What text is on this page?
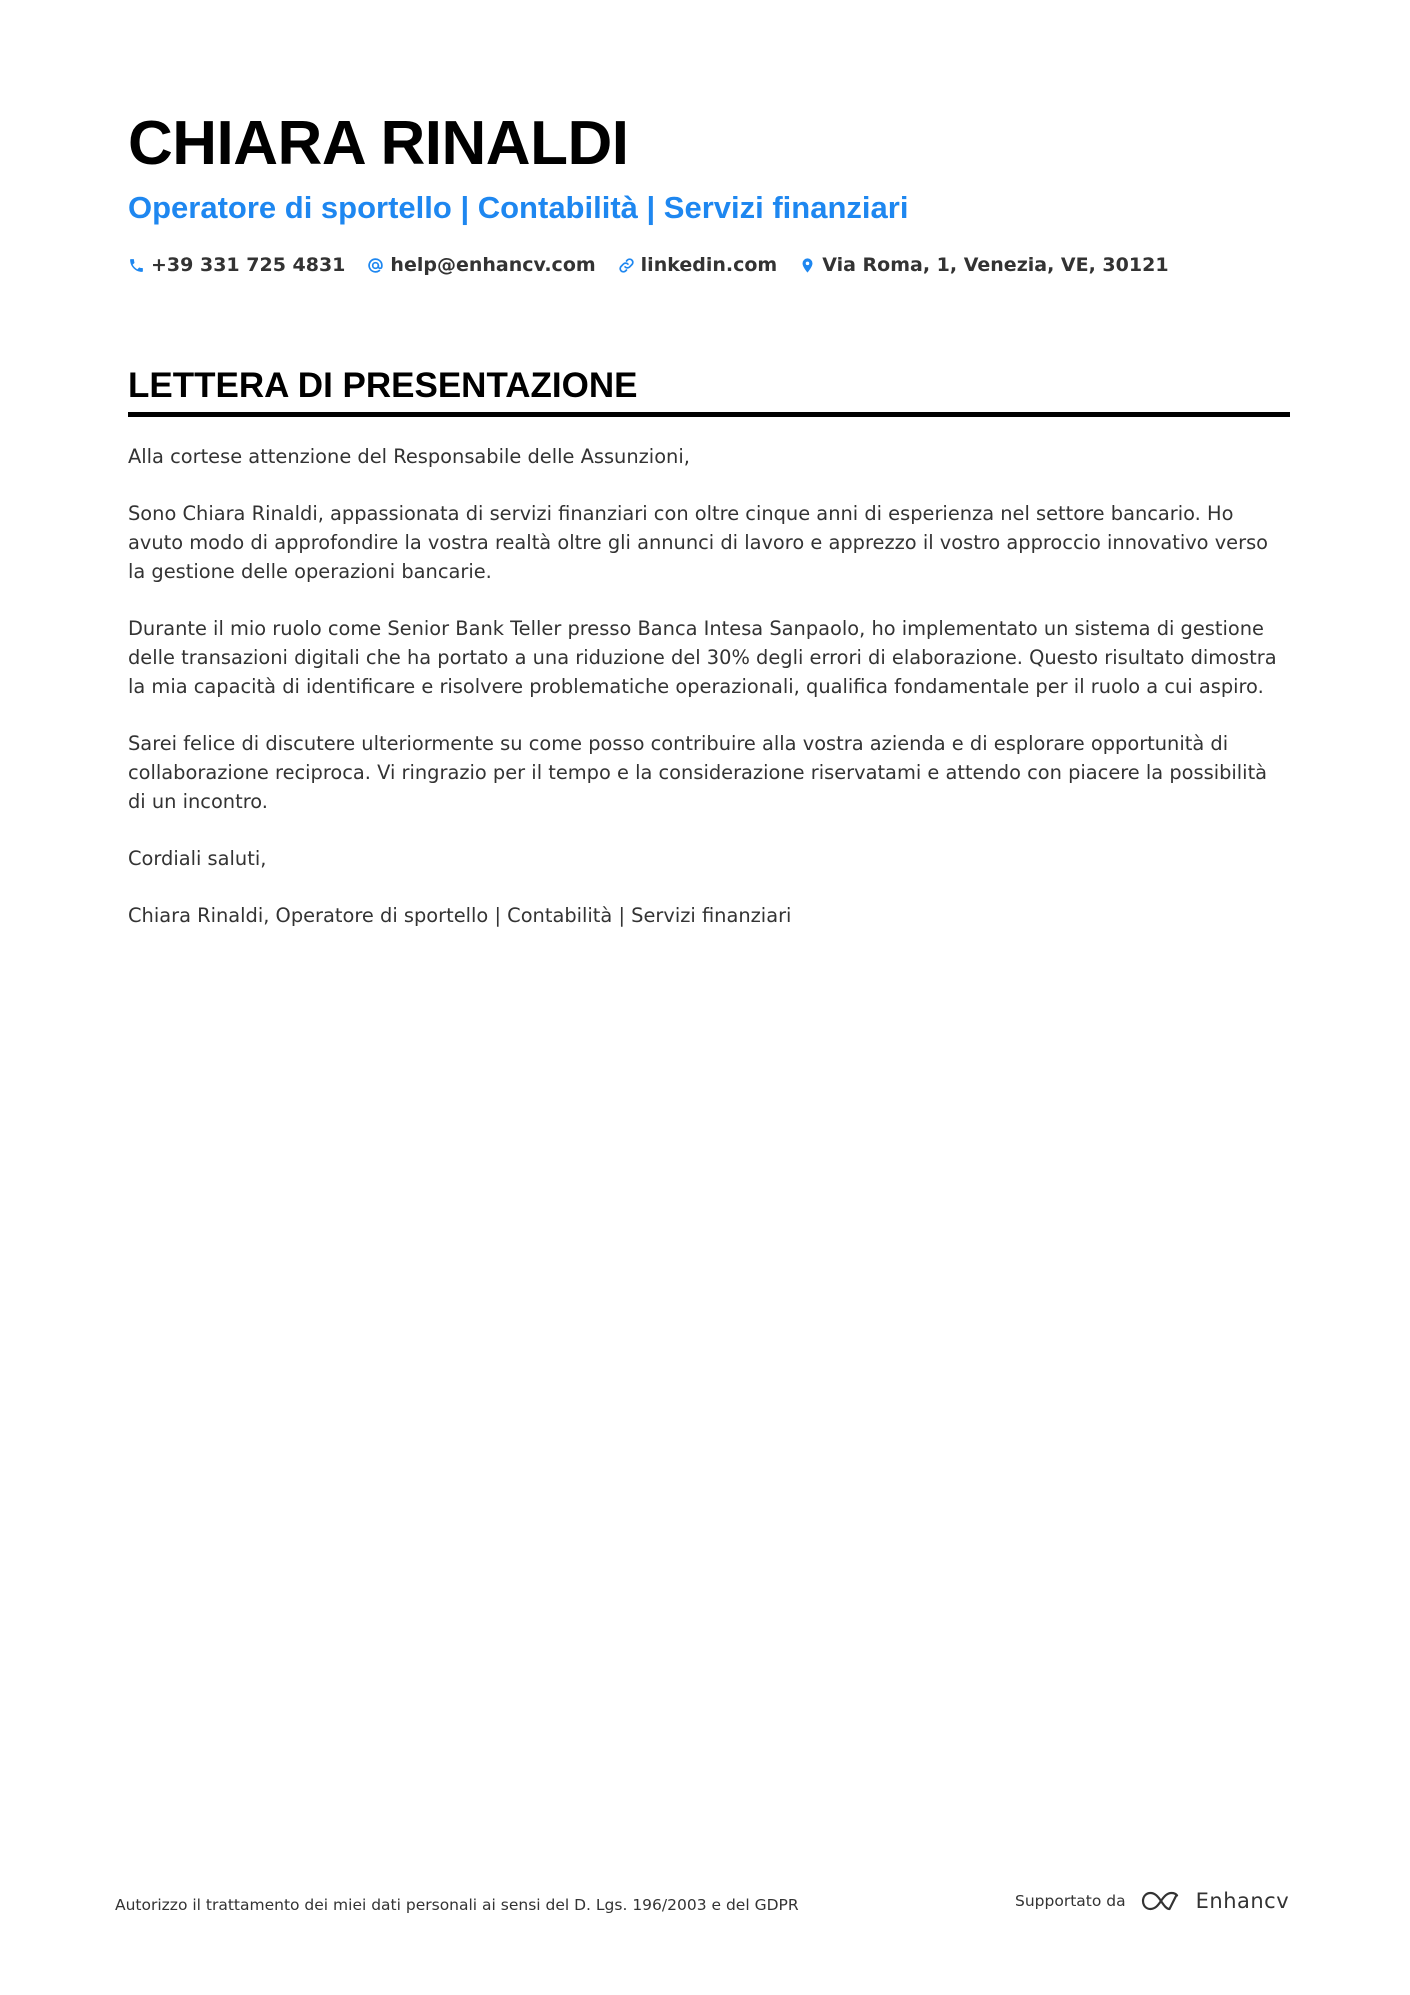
CHIARA RINALDI
Operatore di sportello | Contabilità | Servizi finanziari
+39 331 725 4831 help@enhancv.com linkedin.com Via Roma, 1, Venezia, VE, 30121
LETTERA DI PRESENTAZIONE

Alla cortese attenzione del Responsabile delle Assunzioni,

Sono Chiara Rinaldi, appassionata di servizi finanziari con oltre cinque anni di esperienza nel settore bancario. Ho avuto modo di approfondire la vostra realtà oltre gli annunci di lavoro e apprezzo il vostro approccio innovativo verso la gestione delle operazioni bancarie.

Durante il mio ruolo come Senior Bank Teller presso Banca Intesa Sanpaolo, ho implementato un sistema di gestione delle transazioni digitali che ha portato a una riduzione del 30% degli errori di elaborazione. Questo risultato dimostra la mia capacità di identificare e risolvere problematiche operazionali, qualifica fondamentale per il ruolo a cui aspiro.

Sarei felice di discutere ulteriormente su come posso contribuire alla vostra azienda e di esplorare opportunità di collaborazione reciproca. Vi ringrazio per il tempo e la considerazione riservatami e attendo con piacere la possibilità di un incontro.

Cordiali saluti,

Chiara Rinaldi, Operatore di sportello | Contabilità | Servizi finanziari

Autorizzo il trattamento dei miei dati personali ai sensi del D. Lgs. 196/2003 e del GDPR	Supportato da	Enhancv
